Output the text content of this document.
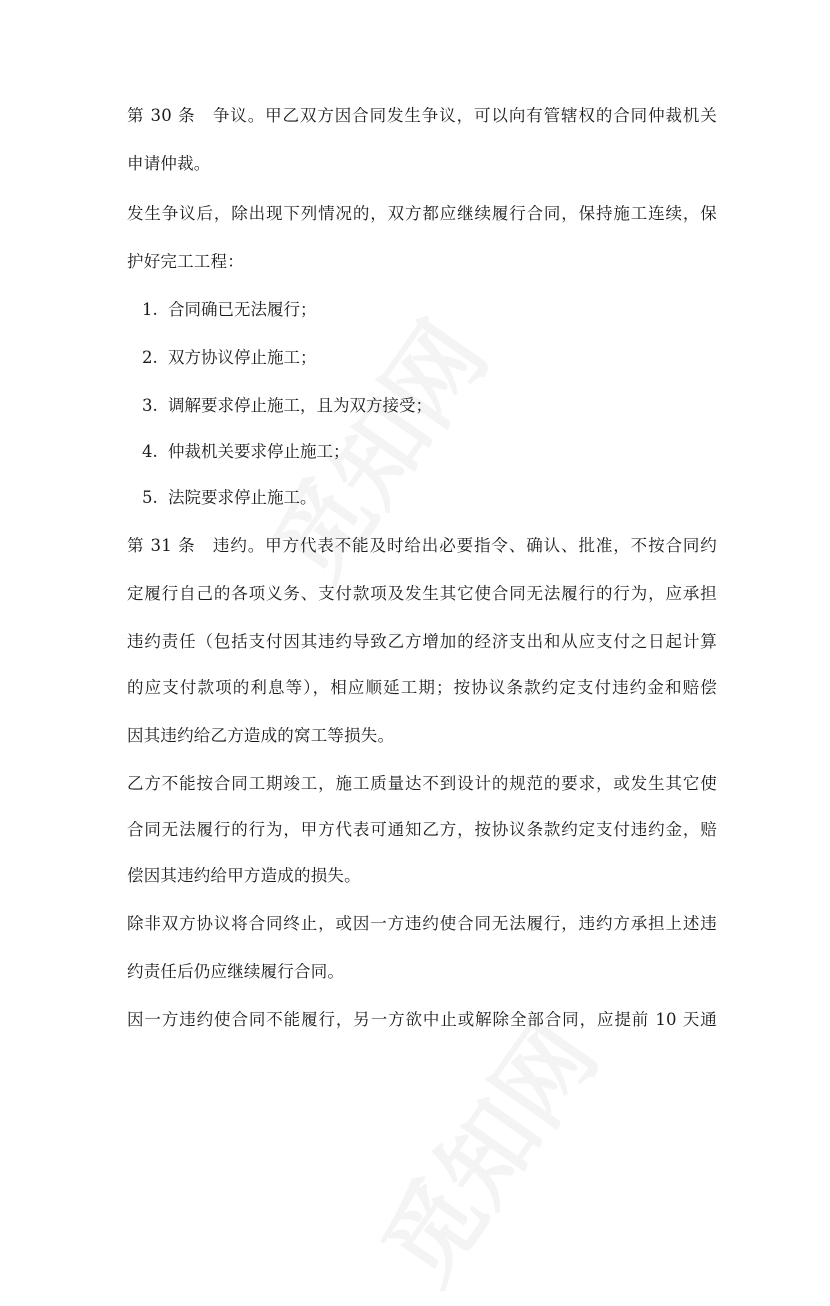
第 30 条　争议。甲乙双方因合同发生争议，可以向有管辖权的合同仲裁机关
申请仲裁。
发生争议后，除出现下列情况的，双方都应继续履行合同，保持施工连续，保
护好完工工程：
1. 合同确已无法履行；
2. 双方协议停止施工；
3. 调解要求停止施工，且为双方接受；
4. 仲裁机关要求停止施工；
5. 法院要求停止施工。
第 31 条　违约。甲方代表不能及时给出必要指令、确认、批准，不按合同约
定履行自己的各项义务、支付款项及发生其它使合同无法履行的行为，应承担
违约责任（包括支付因其违约导致乙方增加的经济支出和从应支付之日起计算
的应支付款项的利息等），相应顺延工期；按协议条款约定支付违约金和赔偿
因其违约给乙方造成的窝工等损失。
乙方不能按合同工期竣工，施工质量达不到设计的规范的要求，或发生其它使
合同无法履行的行为，甲方代表可通知乙方，按协议条款约定支付违约金，赔
偿因其违约给甲方造成的损失。
除非双方协议将合同终止，或因一方违约使合同无法履行，违约方承担上述违
约责任后仍应继续履行合同。
因一方违约使合同不能履行，另一方欲中止或解除全部合同，应提前 10 天通
